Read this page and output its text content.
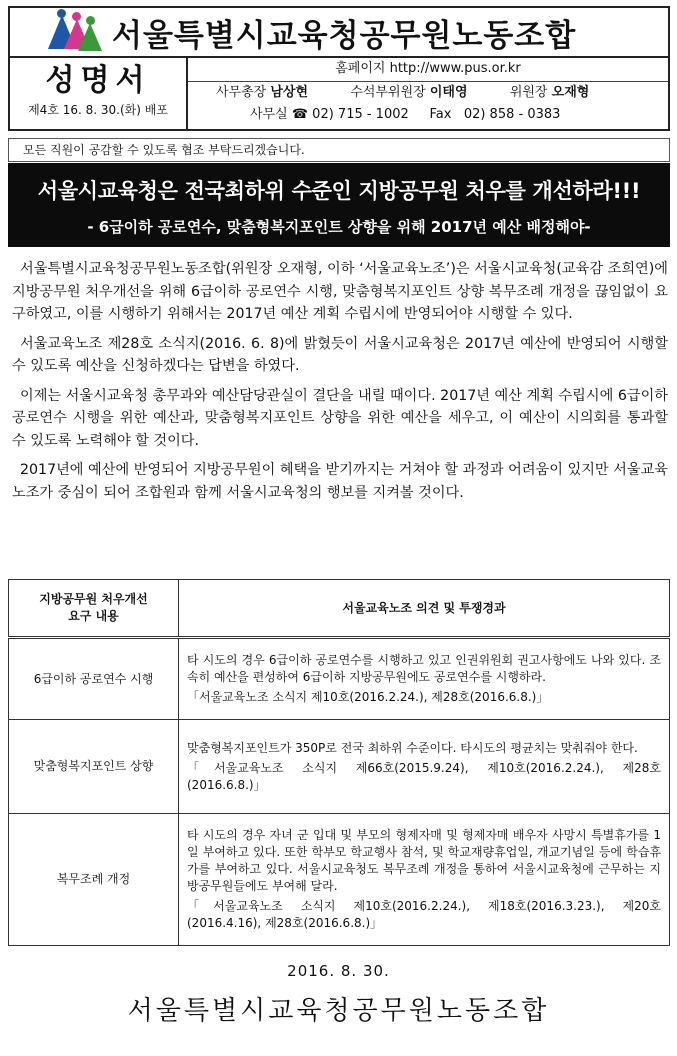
서울특별시교육청공무원노동조합
성명서
제4호 16. 8. 30.(화) 배포
홈페이지 http://www.pus.or.kr
사무총장 남상현	수석부위원장 이태영	위원장 오재형
사무실 ☎ 02) 715 - 1002 Fax 02) 858 - 0383
모든 직원이 공감할 수 있도록 협조 부탁드리겠습니다.
서울시교육청은 전국최하위 수준인 지방공무원 처우를 개선하라!!!
- 6급이하 공로연수, 맞춤형복지포인트 상향을 위해 2017년 예산 배정해야-

서울특별시교육청공무원노동조합(위원장 오재형, 이하 ‘서울교육노조’)은 서울시교육청(교육감 조희연)에 지방공무원 처우개선을 위해 6급이하 공로연수 시행, 맞춤형복지포인트 상향 복무조례 개정을 끊임없이 요구하였고, 이를 시행하기 위해서는 2017년 예산 계획 수립시에 반영되어야 시행할 수 있다.

서울교육노조 제28호 소식지(2016. 6. 8)에 밝혔듯이 서울시교육청은 2017년 예산에 반영되어 시행할 수 있도록 예산을 신청하겠다는 답변을 하였다.

이제는 서울시교육청 총무과와 예산담당관실이 결단을 내릴 때이다. 2017년 예산 계획 수립시에 6급이하 공로연수 시행을 위한 예산과, 맞춤형복지포인트 상향을 위한 예산을 세우고, 이 예산이 시의회를 통과할 수 있도록 노력해야 할 것이다.

2017년에 예산에 반영되어 지방공무원이 혜택을 받기까지는 거쳐야 할 과정과 어려움이 있지만 서울교육노조가 중심이 되어 조합원과 함께 서울시교육청의 행보를 지켜볼 것이다.

지방공무원 처우개선
요구 내용	서울교육노조 의견 및 투쟁경과
6급이하 공로연수 시행	타 시도의 경우 6급이하 공로연수를 시행하고 있고 인권위원회 권고사항에도 나와 있다. 조속히 예산을 편성하여 6급이하 지방공무원에도 공로연수를 시행하라.
「서울교육노조 소식지 제10호(2016.2.24.), 제28호(2016.6.8.)」

맞춤형복지포인트 상향	맞춤형복지포인트가 350P로 전국 최하위 수준이다. 타시도의 평균치는 맞춰줘야 한다.
「서울교육노조 소식지 제66호(2015.9.24), 제10호(2016.2.24.), 제28호 (2016.6.8.)」

복무조례 개정	타 시도의 경우 자녀 군 입대 및 부모의 형제자매 및 형제자매 배우자 사망시 특별휴가를 1일 부여하고 있다. 또한 학부모 학교행사 참석, 및 학교재량휴업일, 개교기념일 등에 학습휴가를 부여하고 있다. 서울시교육청도 복무조례 개정을 통하여 서울시교육청에 근무하는 지방공무원들에도 부여해 달라.
「서울교육노조 소식지 제10호(2016.2.24.), 제18호(2016.3.23.), 제20호 (2016.4.16), 제28호(2016.6.8.)」
2016. 8. 30.
서울특별시교육청공무원노동조합
